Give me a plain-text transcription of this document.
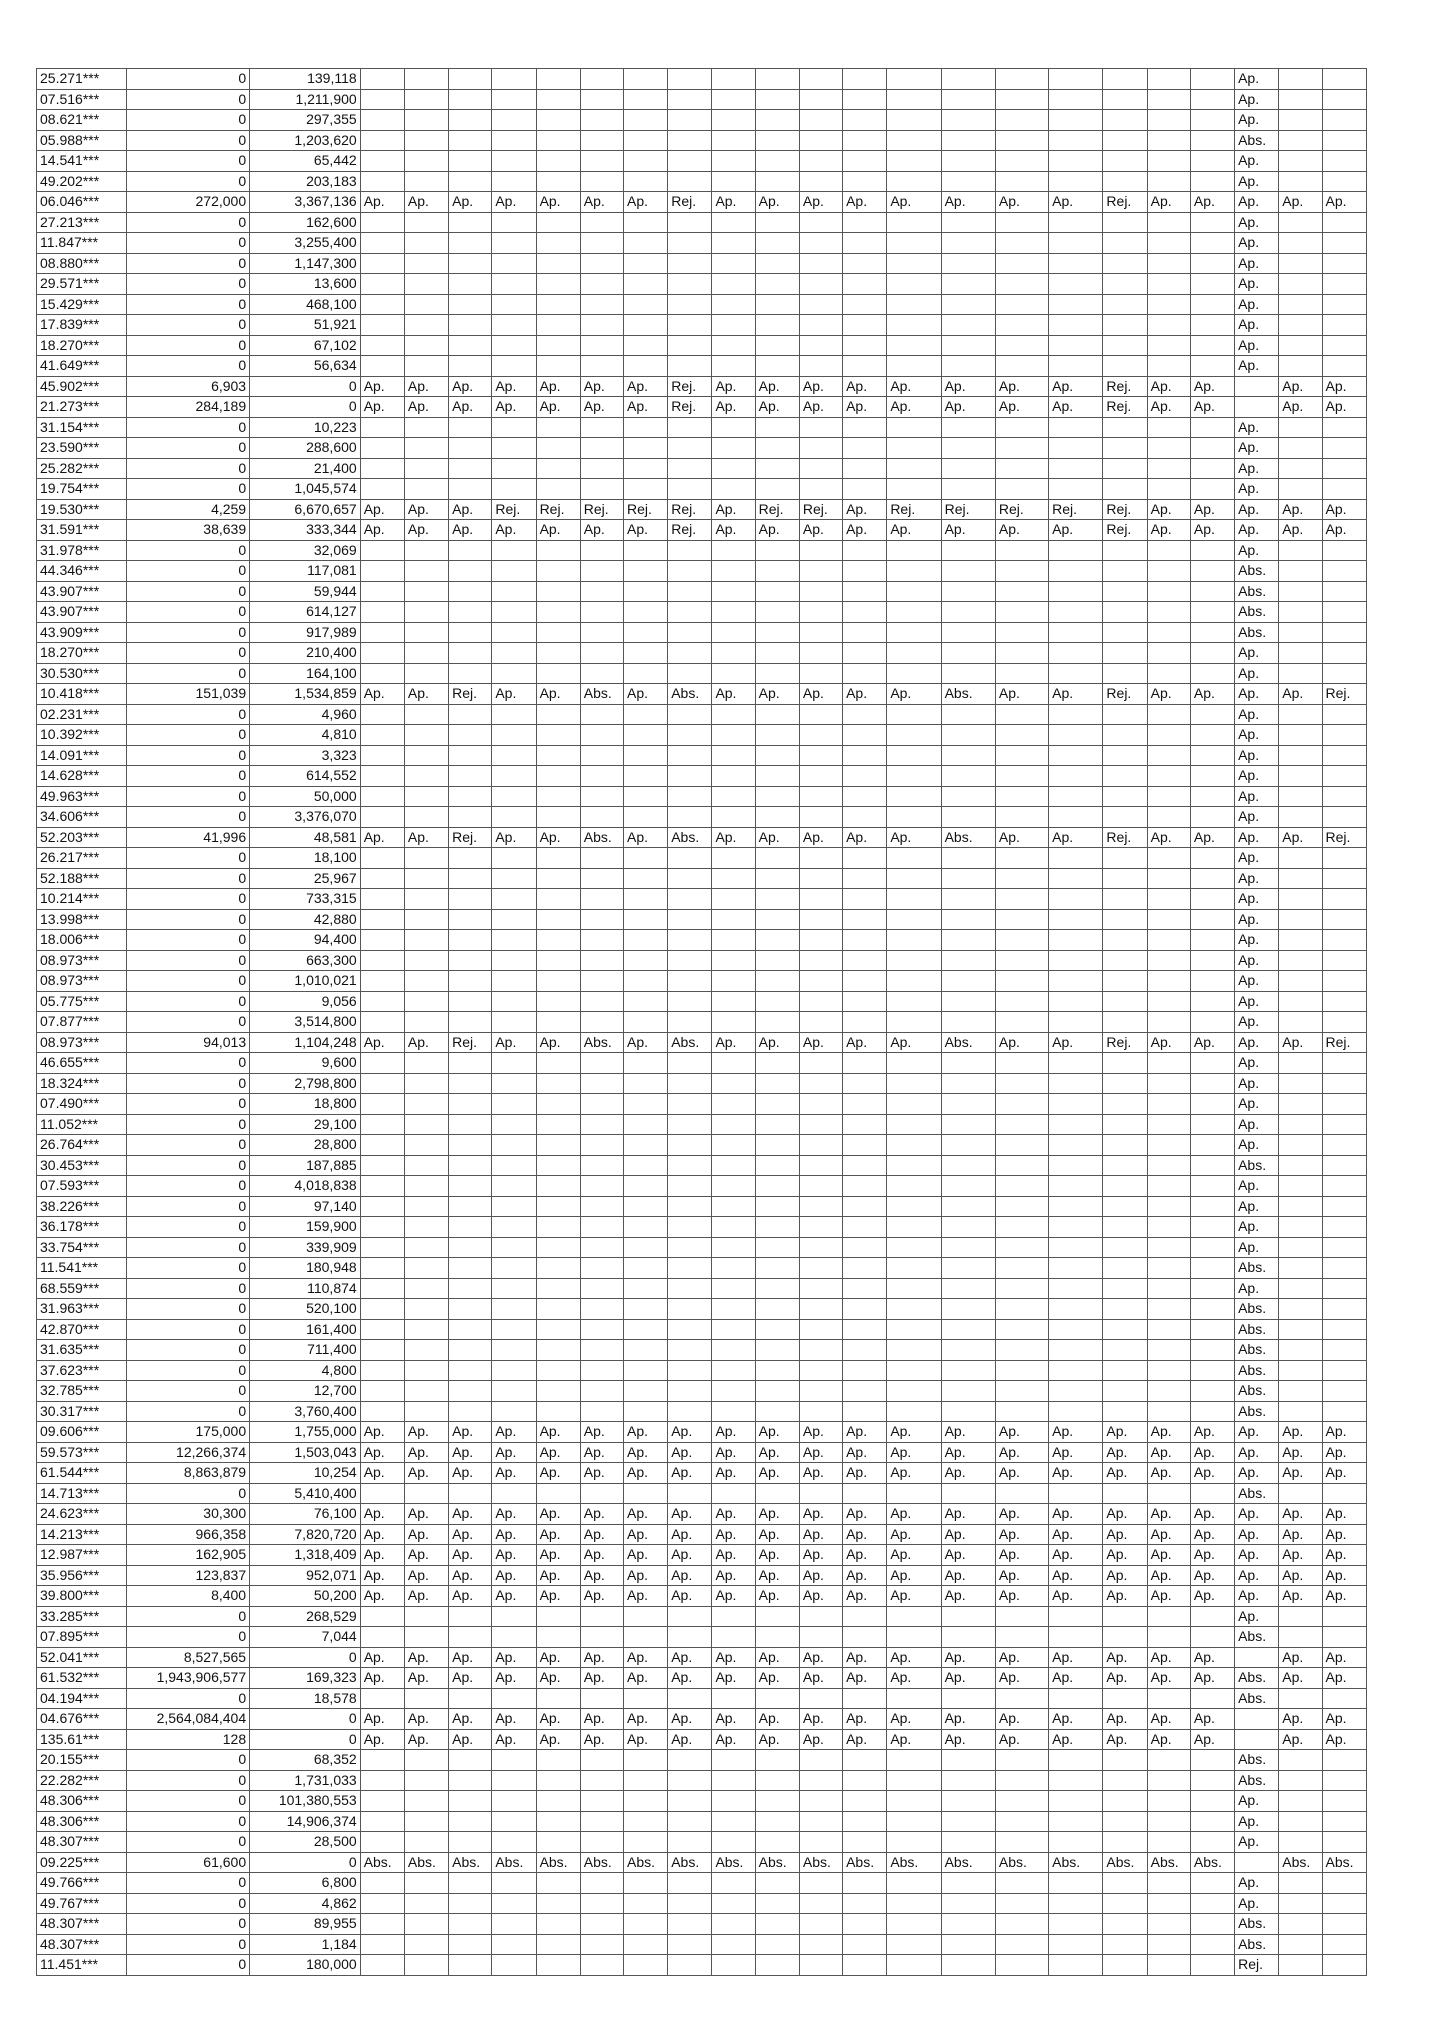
25.271***	0	139,118																				Ap.		
07.516***	0	1,211,900																				Ap.		
08.621***	0	297,355																				Ap.		
05.988***	0	1,203,620																				Abs.		
14.541***	0	65,442																				Ap.		
49.202***	0	203,183																				Ap.		
06.046***	272,000	3,367,136	Ap.	Ap.	Ap.	Ap.	Ap.	Ap.	Ap.	Rej.	Ap.	Ap.	Ap.	Ap.	Ap.	Ap.	Ap.	Ap.	Rej.	Ap.	Ap.	Ap.	Ap.	Ap.
27.213***	0	162,600																				Ap.		
11.847***	0	3,255,400																				Ap.		
08.880***	0	1,147,300																				Ap.		
29.571***	0	13,600																				Ap.		
15.429***	0	468,100																				Ap.		
17.839***	0	51,921																				Ap.		
18.270***	0	67,102																				Ap.		
41.649***	0	56,634																				Ap.		
45.902***	6,903	0	Ap.	Ap.	Ap.	Ap.	Ap.	Ap.	Ap.	Rej.	Ap.	Ap.	Ap.	Ap.	Ap.	Ap.	Ap.	Ap.	Rej.	Ap.	Ap.		Ap.	Ap.
21.273***	284,189	0	Ap.	Ap.	Ap.	Ap.	Ap.	Ap.	Ap.	Rej.	Ap.	Ap.	Ap.	Ap.	Ap.	Ap.	Ap.	Ap.	Rej.	Ap.	Ap.		Ap.	Ap.
31.154***	0	10,223																				Ap.		
23.590***	0	288,600																				Ap.		
25.282***	0	21,400																				Ap.		
19.754***	0	1,045,574																				Ap.		
19.530***	4,259	6,670,657	Ap.	Ap.	Ap.	Rej.	Rej.	Rej.	Rej.	Rej.	Ap.	Rej.	Rej.	Ap.	Rej.	Rej.	Rej.	Rej.	Rej.	Ap.	Ap.	Ap.	Ap.	Ap.
31.591***	38,639	333,344	Ap.	Ap.	Ap.	Ap.	Ap.	Ap.	Ap.	Rej.	Ap.	Ap.	Ap.	Ap.	Ap.	Ap.	Ap.	Ap.	Rej.	Ap.	Ap.	Ap.	Ap.	Ap.
31.978***	0	32,069																				Ap.		
44.346***	0	117,081																				Abs.		
43.907***	0	59,944																				Abs.		
43.907***	0	614,127																				Abs.		
43.909***	0	917,989																				Abs.		
18.270***	0	210,400																				Ap.		
30.530***	0	164,100																				Ap.		
10.418***	151,039	1,534,859	Ap.	Ap.	Rej.	Ap.	Ap.	Abs.	Ap.	Abs.	Ap.	Ap.	Ap.	Ap.	Ap.	Abs.	Ap.	Ap.	Rej.	Ap.	Ap.	Ap.	Ap.	Rej.
02.231***	0	4,960																				Ap.		
10.392***	0	4,810																				Ap.		
14.091***	0	3,323																				Ap.		
14.628***	0	614,552																				Ap.		
49.963***	0	50,000																				Ap.		
34.606***	0	3,376,070																				Ap.		
52.203***	41,996	48,581	Ap.	Ap.	Rej.	Ap.	Ap.	Abs.	Ap.	Abs.	Ap.	Ap.	Ap.	Ap.	Ap.	Abs.	Ap.	Ap.	Rej.	Ap.	Ap.	Ap.	Ap.	Rej.
26.217***	0	18,100																				Ap.		
52.188***	0	25,967																				Ap.		
10.214***	0	733,315																				Ap.		
13.998***	0	42,880																				Ap.		
18.006***	0	94,400																				Ap.		
08.973***	0	663,300																				Ap.		
08.973***	0	1,010,021																				Ap.		
05.775***	0	9,056																				Ap.		
07.877***	0	3,514,800																				Ap.		
08.973***	94,013	1,104,248	Ap.	Ap.	Rej.	Ap.	Ap.	Abs.	Ap.	Abs.	Ap.	Ap.	Ap.	Ap.	Ap.	Abs.	Ap.	Ap.	Rej.	Ap.	Ap.	Ap.	Ap.	Rej.
46.655***	0	9,600																				Ap.		
18.324***	0	2,798,800																				Ap.		
07.490***	0	18,800																				Ap.		
11.052***	0	29,100																				Ap.		
26.764***	0	28,800																				Ap.		
30.453***	0	187,885																				Abs.		
07.593***	0	4,018,838																				Ap.		
38.226***	0	97,140																				Ap.		
36.178***	0	159,900																				Ap.		
33.754***	0	339,909																				Ap.		
11.541***	0	180,948																				Abs.		
68.559***	0	110,874																				Ap.		
31.963***	0	520,100																				Abs.		
42.870***	0	161,400																				Abs.		
31.635***	0	711,400																				Abs.		
37.623***	0	4,800																				Abs.		
32.785***	0	12,700																				Abs.		
30.317***	0	3,760,400																				Abs.		
09.606***	175,000	1,755,000	Ap.	Ap.	Ap.	Ap.	Ap.	Ap.	Ap.	Ap.	Ap.	Ap.	Ap.	Ap.	Ap.	Ap.	Ap.	Ap.	Ap.	Ap.	Ap.	Ap.	Ap.	Ap.
59.573***	12,266,374	1,503,043	Ap.	Ap.	Ap.	Ap.	Ap.	Ap.	Ap.	Ap.	Ap.	Ap.	Ap.	Ap.	Ap.	Ap.	Ap.	Ap.	Ap.	Ap.	Ap.	Ap.	Ap.	Ap.
61.544***	8,863,879	10,254	Ap.	Ap.	Ap.	Ap.	Ap.	Ap.	Ap.	Ap.	Ap.	Ap.	Ap.	Ap.	Ap.	Ap.	Ap.	Ap.	Ap.	Ap.	Ap.	Ap.	Ap.	Ap.
14.713***	0	5,410,400																				Abs.		
24.623***	30,300	76,100	Ap.	Ap.	Ap.	Ap.	Ap.	Ap.	Ap.	Ap.	Ap.	Ap.	Ap.	Ap.	Ap.	Ap.	Ap.	Ap.	Ap.	Ap.	Ap.	Ap.	Ap.	Ap.
14.213***	966,358	7,820,720	Ap.	Ap.	Ap.	Ap.	Ap.	Ap.	Ap.	Ap.	Ap.	Ap.	Ap.	Ap.	Ap.	Ap.	Ap.	Ap.	Ap.	Ap.	Ap.	Ap.	Ap.	Ap.
12.987***	162,905	1,318,409	Ap.	Ap.	Ap.	Ap.	Ap.	Ap.	Ap.	Ap.	Ap.	Ap.	Ap.	Ap.	Ap.	Ap.	Ap.	Ap.	Ap.	Ap.	Ap.	Ap.	Ap.	Ap.
35.956***	123,837	952,071	Ap.	Ap.	Ap.	Ap.	Ap.	Ap.	Ap.	Ap.	Ap.	Ap.	Ap.	Ap.	Ap.	Ap.	Ap.	Ap.	Ap.	Ap.	Ap.	Ap.	Ap.	Ap.
39.800***	8,400	50,200	Ap.	Ap.	Ap.	Ap.	Ap.	Ap.	Ap.	Ap.	Ap.	Ap.	Ap.	Ap.	Ap.	Ap.	Ap.	Ap.	Ap.	Ap.	Ap.	Ap.	Ap.	Ap.
33.285***	0	268,529																				Ap.		
07.895***	0	7,044																				Abs.		
52.041***	8,527,565	0	Ap.	Ap.	Ap.	Ap.	Ap.	Ap.	Ap.	Ap.	Ap.	Ap.	Ap.	Ap.	Ap.	Ap.	Ap.	Ap.	Ap.	Ap.	Ap.		Ap.	Ap.
61.532***	1,943,906,577	169,323	Ap.	Ap.	Ap.	Ap.	Ap.	Ap.	Ap.	Ap.	Ap.	Ap.	Ap.	Ap.	Ap.	Ap.	Ap.	Ap.	Ap.	Ap.	Ap.	Abs.	Ap.	Ap.
04.194***	0	18,578																				Abs.		
04.676***	2,564,084,404	0	Ap.	Ap.	Ap.	Ap.	Ap.	Ap.	Ap.	Ap.	Ap.	Ap.	Ap.	Ap.	Ap.	Ap.	Ap.	Ap.	Ap.	Ap.	Ap.		Ap.	Ap.
135.61***	128	0	Ap.	Ap.	Ap.	Ap.	Ap.	Ap.	Ap.	Ap.	Ap.	Ap.	Ap.	Ap.	Ap.	Ap.	Ap.	Ap.	Ap.	Ap.	Ap.		Ap.	Ap.
20.155***	0	68,352																				Abs.		
22.282***	0	1,731,033																				Abs.		
48.306***	0	101,380,553																				Ap.		
48.306***	0	14,906,374																				Ap.		
48.307***	0	28,500																				Ap.		
09.225***	61,600	0	Abs.	Abs.	Abs.	Abs.	Abs.	Abs.	Abs.	Abs.	Abs.	Abs.	Abs.	Abs.	Abs.	Abs.	Abs.	Abs.	Abs.	Abs.	Abs.		Abs.	Abs.
49.766***	0	6,800																				Ap.		
49.767***	0	4,862																				Ap.		
48.307***	0	89,955																				Abs.		
48.307***	0	1,184																				Abs.		
11.451***	0	180,000																				Rej.		
